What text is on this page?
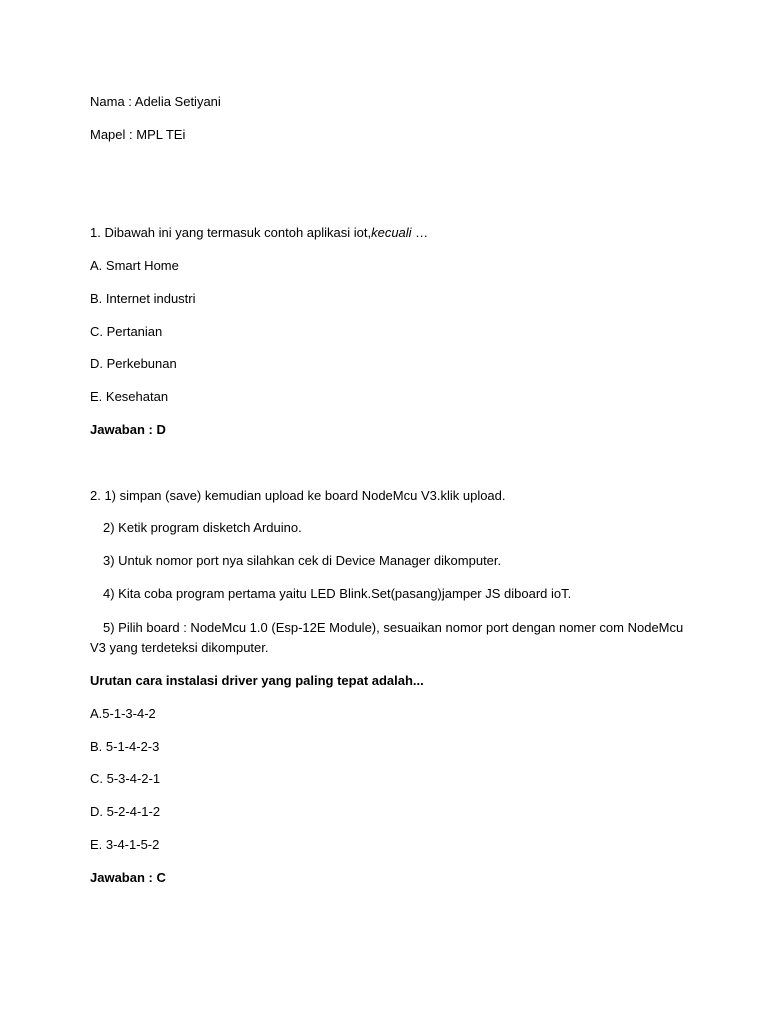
Nama : Adelia Setiyani

Mapel : MPL TEi

1. Dibawah ini yang termasuk contoh aplikasi iot,kecuali …

A. Smart Home

B. Internet industri

C. Pertanian

D. Perkebunan

E. Kesehatan

Jawaban : D

2. 1) simpan (save) kemudian upload ke board NodeMcu V3.klik upload.

2) Ketik program disketch Arduino.

3) Untuk nomor port nya silahkan cek di Device Manager dikomputer.

4) Kita coba program pertama yaitu LED Blink.Set(pasang)jamper JS diboard ioT.

5) Pilih board : NodeMcu 1.0 (Esp-12E Module), sesuaikan nomor port dengan nomer com NodeMcu

V3 yang terdeteksi dikomputer.

Urutan cara instalasi driver yang paling tepat adalah...

A.5-1-3-4-2

B. 5-1-4-2-3

C. 5-3-4-2-1

D. 5-2-4-1-2

E. 3-4-1-5-2

Jawaban : C
